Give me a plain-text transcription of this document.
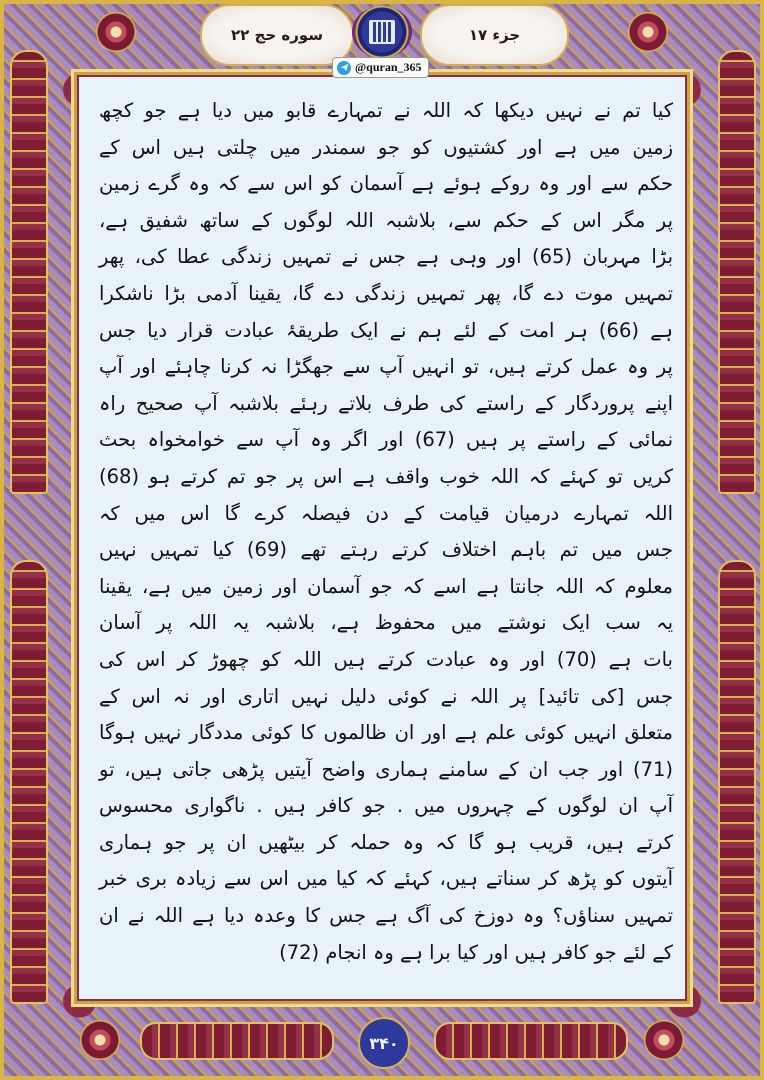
سوره حج ۲۲	جزء ۱۷
@quran_365
کیا تم نے نہیں دیکھا کہ اللہ نے تمہارے قابو میں دیا ہے جو کچھ
زمین میں ہے اور کشتیوں کو جو سمندر میں چلتی ہیں اس کے
حکم سے اور وہ روکے ہوئے ہے آسمان کو اس سے کہ وہ گرے زمین
پر مگر اس کے حکم سے، بلاشبہ اللہ لوگوں کے ساتھ شفیق ہے،
بڑا مہربان (65) اور وہی ہے جس نے تمہیں زندگی عطا کی، پھر
تمہیں موت دے گا، پھر تمہیں زندگی دے گا، یقینا آدمی بڑا ناشکرا
ہے (66) ہر امت کے لئے ہم نے ایک طریقۂ عبادت قرار دیا جس
پر وہ عمل کرتے ہیں، تو انہیں آپ سے جھگڑا نہ کرنا چاہئے اور آپ
اپنے پروردگار کے راستے کی طرف بلاتے رہئے بلاشبہ آپ صحیح راہ
نمائی کے راستے پر ہیں (67) اور اگر وہ آپ سے خوامخواہ بحث
کریں تو کہئے کہ اللہ خوب واقف ہے اس پر جو تم کرتے ہو (68)
اللہ تمہارے درمیان قیامت کے دن فیصلہ کرے گا اس میں کہ
جس میں تم باہم اختلاف کرتے رہتے تھے (69) کیا تمہیں نہیں
معلوم کہ اللہ جانتا ہے اسے کہ جو آسمان اور زمین میں ہے، یقینا
یہ سب ایک نوشتے میں محفوظ ہے، بلاشبہ یہ اللہ پر آسان
بات ہے (70) اور وہ عبادت کرتے ہیں اللہ کو چھوڑ کر اس کی
جس [کی تائید] پر اللہ نے کوئی دلیل نہیں اتاری اور نہ اس کے
متعلق انہیں کوئی علم ہے اور ان ظالموں کا کوئی مددگار نہیں ہوگا
(71) اور جب ان کے سامنے ہماری واضح آیتیں پڑھی جاتی ہیں، تو
آپ ان لوگوں کے چہروں میں . جو کافر ہیں . ناگواری محسوس
کرتے ہیں، قریب ہو گا کہ وہ حملہ کر بیٹھیں ان پر جو ہماری
آیتوں کو پڑھ کر سناتے ہیں، کہئے کہ کیا میں اس سے زیادہ بری خبر
تمہیں سناؤں؟ وہ دوزخ کی آگ ہے جس کا وعدہ دیا ہے اللہ نے ان
کے لئے جو کافر ہیں اور کیا برا ہے وہ انجام (72)
۳۴۰
